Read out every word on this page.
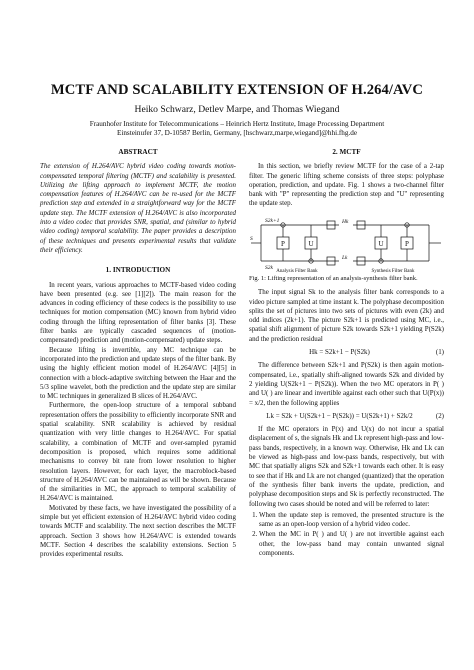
MCTF AND SCALABILITY EXTENSION OF H.264/AVC
Heiko Schwarz, Detlev Marpe, and Thomas Wiegand
Fraunhofer Institute for Telecommunications – Heinrich Hertz Institute, Image Processing Department
Einsteinufer 37, D-10587 Berlin, Germany, [hschwarz,marpe,wiegand]@hhi.fhg.de
ABSTRACT

The extension of H.264/AVC hybrid video coding towards motion-compensated temporal filtering (MCTF) and scalability is presented. Utilizing the lifting approach to implement MCTF, the motion compensation features of H.264/AVC can be re-used for the MCTF prediction step and extended in a straightforward way for the MCTF update step. The MCTF extension of H.264/AVC is also incorporated into a video codec that provides SNR, spatial, and (similar to hybrid video coding) temporal scalability. The paper provides a description of these techniques and presents experimental results that validate their efficiency.

1. INTRODUCTION

In recent years, various approaches to MCTF-based video coding have been presented (e.g. see [1][2]). The main reason for the advances in coding efficiency of these codecs is the possibility to use techniques for motion compensation (MC) known from hybrid video coding through the lifting representation of filter banks [3]. These filter banks are typically cascaded sequences of (motion-compensated) prediction and (motion-compensated) update steps.

Because lifting is invertible, any MC technique can be incorporated into the prediction and update steps of the filter bank. By using the highly efficient motion model of H.264/AVC [4][5] in connection with a block-adaptive switching between the Haar and the 5/3 spline wavelet, both the prediction and the update step are similar to MC techniques in generalized B slices of H.264/AVC.

Furthermore, the open-loop structure of a temporal subband representation offers the possibility to efficiently incorporate SNR and spatial scalability. SNR scalability is achieved by residual quantization with very little changes to H.264/AVC. For spatial scalability, a combination of MCTF and over-sampled pyramid decomposition is proposed, which requires some additional mechanisms to convey bit rate from lower resolution to higher resolution layers. However, for each layer, the macroblock-based structure of H.264/AVC can be maintained as will be shown. Because of the similarities in MC, the approach to temporal scalability of H.264/AVC is maintained.

Motivated by these facts, we have investigated the possibility of a simple but yet efficient extension of H.264/AVC hybrid video coding towards MCTF and scalability. The next section describes the MCTF approach. Section 3 shows how H.264/AVC is extended towards MCTF. Section 4 describes the scalability extensions. Section 5 provides experimental results.

2. MCTF

In this section, we briefly review MCTF for the case of a 2-tap filter. The generic lifting scheme consists of three steps: polyphase operation, prediction, and update. Fig. 1 shows a two-channel filter bank with "P" representing the prediction step and "U" representing the update step.

P	U	U	P
S
S2k+1
S2k
Hk
Lk
Analysis Filter Bank	Synthesis Filter Bank
Fig. 1: Lifting representation of an analysis-synthesis filter bank.

The input signal Sk to the analysis filter bank corresponds to a video picture sampled at time instant k. The polyphase decomposition splits the set of pictures into two sets of pictures with even (2k) and odd indices (2k+1). The picture S2k+1 is predicted using MC, i.e., spatial shift alignment of picture S2k towards S2k+1 yielding P(S2k) and the prediction residual

Hk = S2k+1 − P(S2k)	(1)

The difference between S2k+1 and P(S2k) is then again motion-compensated, i.e., spatially shift-aligned towards S2k and divided by 2 yielding U(S2k+1 − P(S2k)). When the two MC operators in P( ) and U( ) are linear and invertible against each other such that U(P(x)) = x/2, then the following applies

Lk = S2k + U(S2k+1 − P(S2k)) = U(S2k+1) + S2k/2	(2)

If the MC operators in P(x) and U(x) do not incur a spatial displacement of s, the signals Hk and Lk represent high-pass and low-pass bands, respectively, in a known way. Otherwise, Hk and Lk can be viewed as high-pass and low-pass bands, respectively, but with MC that spatially aligns S2k and S2k+1 towards each other. It is easy to see that if Hk and Lk are not changed (quantized) that the operation of the synthesis filter bank inverts the update, prediction, and polyphase decomposition steps and Sk is perfectly reconstructed. The following two cases should be noted and will be referred to later:

1. When the update step is removed, the presented structure is the same as an open-loop version of a hybrid video codec.
2. When the MC in P( ) and U( ) are not invertible against each other, the low-pass band may contain unwanted signal components.
